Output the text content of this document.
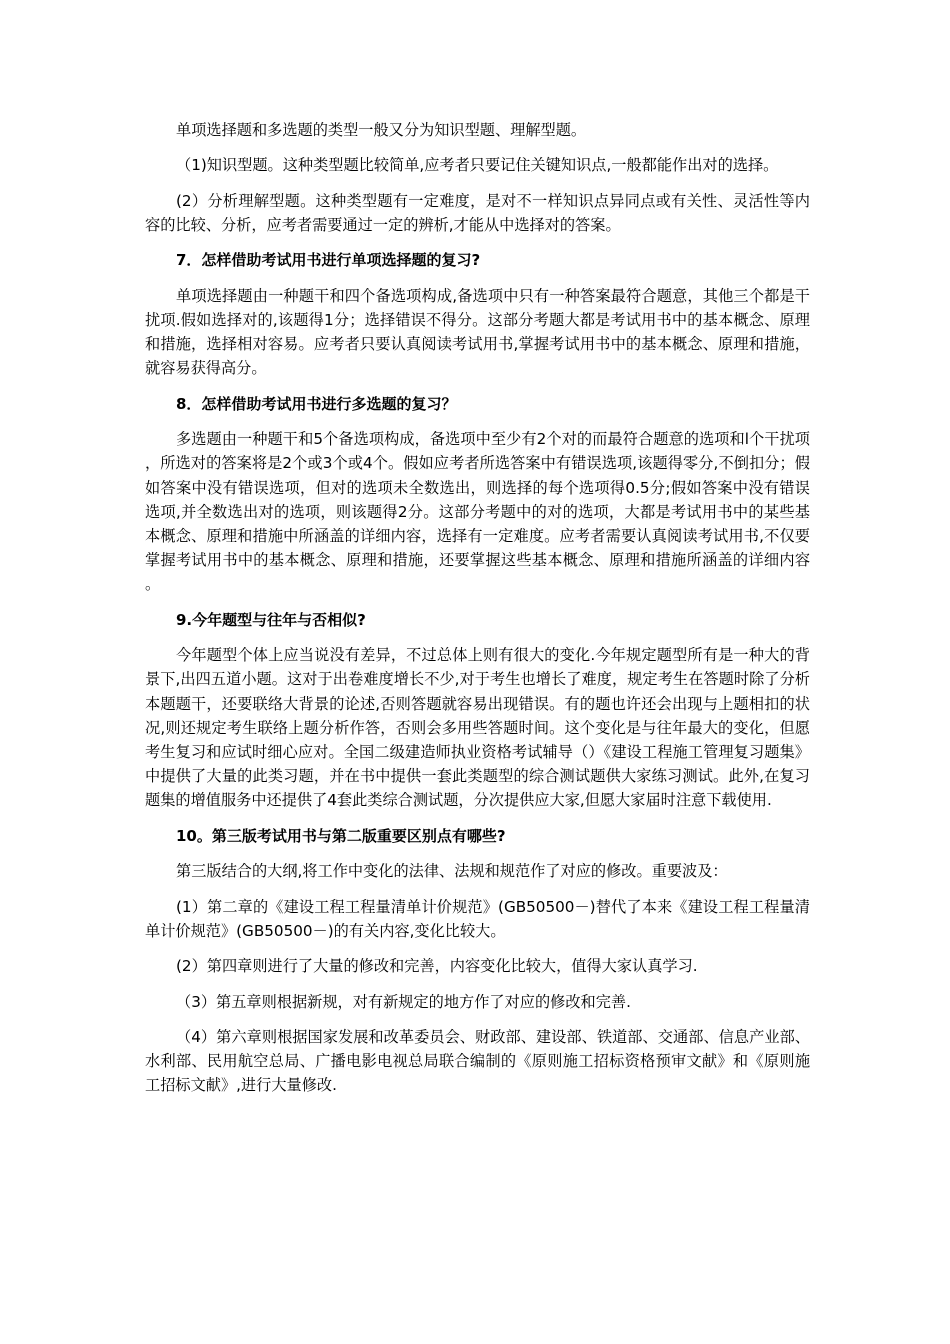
单项选择题和多选题的类型一般又分为知识型题、理解型题。

（1)知识型题。这种类型题比较简单,应考者只要记住关键知识点,一般都能作出对的选择。

(2）分析理解型题。这种类型题有一定难度，是对不一样知识点异同点或有关性、灵活性等内容的比较、分析，应考者需要通过一定的辨析,才能从中选择对的答案。

7．怎样借助考试用书进行单项选择题的复习?

单项选择题由一种题干和四个备选项构成,备选项中只有一种答案最符合题意，其他三个都是干扰项.假如选择对的,该题得1分；选择错误不得分。这部分考题大都是考试用书中的基本概念、原理和措施，选择相对容易。应考者只要认真阅读考试用书,掌握考试用书中的基本概念、原理和措施，就容易获得高分。

8．怎样借助考试用书进行多选题的复习？

多选题由一种题干和5个备选项构成，备选项中至少有2个对的而最符合题意的选项和l个干扰项，所选对的答案将是2个或3个或4个。假如应考者所选答案中有错误选项,该题得零分,不倒扣分；假如答案中没有错误选项，但对的选项未全数选出，则选择的每个选项得0.5分;假如答案中没有错误选项,并全数选出对的选项，则该题得2分。这部分考题中的对的选项，大都是考试用书中的某些基本概念、原理和措施中所涵盖的详细内容，选择有一定难度。应考者需要认真阅读考试用书,不仅要掌握考试用书中的基本概念、原理和措施，还要掌握这些基本概念、原理和措施所涵盖的详细内容。

9.今年题型与往年与否相似?

今年题型个体上应当说没有差异，不过总体上则有很大的变化.今年规定题型所有是一种大的背景下,出四五道小题。这对于出卷难度增长不少,对于考生也增长了难度，规定考生在答题时除了分析本题题干，还要联络大背景的论述,否则答题就容易出现错误。有的题也许还会出现与上题相扣的状况,则还规定考生联络上题分析作答，否则会多用些答题时间。这个变化是与往年最大的变化，但愿考生复习和应试时细心应对。全国二级建造师执业资格考试辅导（）《建设工程施工管理复习题集》中提供了大量的此类习题，并在书中提供一套此类题型的综合测试题供大家练习测试。此外,在复习题集的增值服务中还提供了4套此类综合测试题，分次提供应大家,但愿大家届时注意下载使用.

10。第三版考试用书与第二版重要区别点有哪些?

第三版结合的大纲,将工作中变化的法律、法规和规范作了对应的修改。重要波及：

(1）第二章的《建设工程工程量清单计价规范》(GB50500－)替代了本来《建设工程工程量清单计价规范》(GB50500－)的有关内容,变化比较大。

(2）第四章则进行了大量的修改和完善，内容变化比较大，值得大家认真学习.

（3）第五章则根据新规，对有新规定的地方作了对应的修改和完善.

（4）第六章则根据国家发展和改革委员会、财政部、建设部、铁道部、交通部、信息产业部、水利部、民用航空总局、广播电影电视总局联合编制的《原则施工招标资格预审文献》和《原则施工招标文献》,进行大量修改.
